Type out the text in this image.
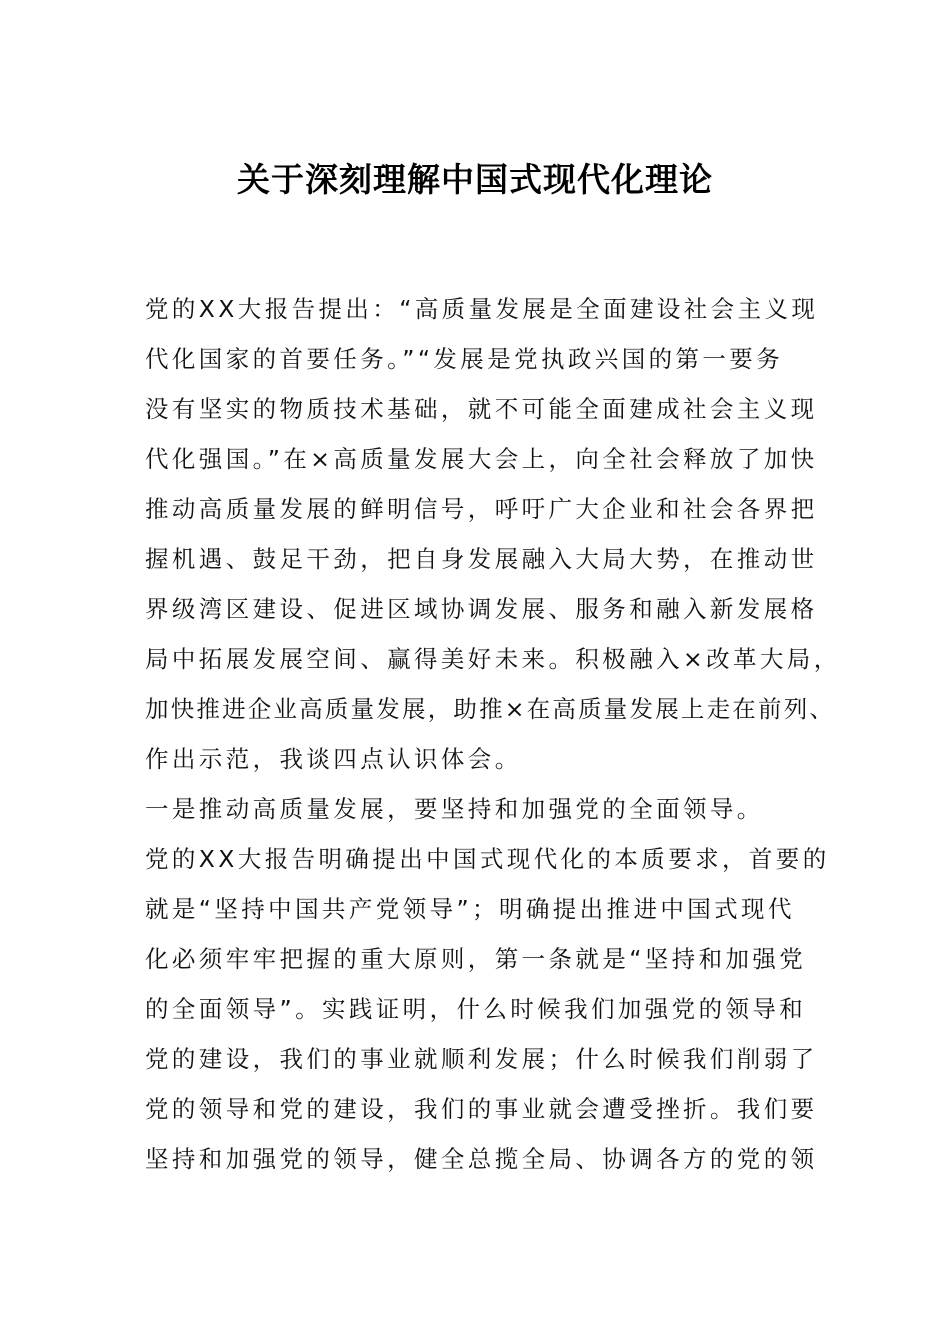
关于深刻理解中国式现代化理论
党的XX大报告提出：“高质量发展是全面建设社会主义现
代化国家的首要任务。”“发展是党执政兴国的第一要务
没有坚实的物质技术基础，就不可能全面建成社会主义现
代化强国。”在×高质量发展大会上，向全社会释放了加快
推动高质量发展的鲜明信号，呼吁广大企业和社会各界把
握机遇、鼓足干劲，把自身发展融入大局大势，在推动世
界级湾区建设、促进区域协调发展、服务和融入新发展格
局中拓展发展空间、赢得美好未来。积极融入×改革大局，
加快推进企业高质量发展，助推×在高质量发展上走在前列、
作出示范，我谈四点认识体会。
一是推动高质量发展，要坚持和加强党的全面领导。
党的XX大报告明确提出中国式现代化的本质要求，首要的
就是“坚持中国共产党领导”；明确提出推进中国式现代
化必须牢牢把握的重大原则，第一条就是“坚持和加强党
的全面领导”。实践证明，什么时候我们加强党的领导和
党的建设，我们的事业就顺利发展；什么时候我们削弱了
党的领导和党的建设，我们的事业就会遭受挫折。我们要
坚持和加强党的领导，健全总揽全局、协调各方的党的领
